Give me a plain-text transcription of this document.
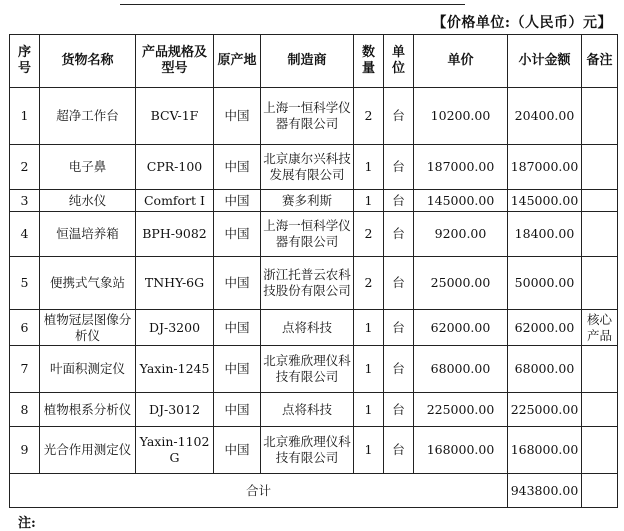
【价格单位:（人民币）元】
序号	货物名称	产品规格及型号	原产地	制造商	数量	单位	单价	小计金额	备注
1	超净工作台	BCV-1F	中国	上海一恒科学仪器有限公司	2	台	10200.00	20400.00	
2	电子鼻	CPR-100	中国	北京康尔兴科技发展有限公司	1	台	187000.00	187000.00	
3	纯水仪	Comfort I	中国	赛多利斯	1	台	145000.00	145000.00	
4	恒温培养箱	BPH-9082	中国	上海一恒科学仪器有限公司	2	台	9200.00	18400.00	
5	便携式气象站	TNHY-6G	中国	浙江托普云农科技股份有限公司	2	台	25000.00	50000.00	
6	植物冠层图像分析仪	DJ-3200	中国	点将科技	1	台	62000.00	62000.00	核心产品
7	叶面积测定仪	Yaxin-1245	中国	北京雅欣理仪科技有限公司	1	台	68000.00	68000.00	
8	植物根系分析仪	DJ-3012	中国	点将科技	1	台	225000.00	225000.00	
9	光合作用测定仪	Yaxin-1102G	中国	北京雅欣理仪科技有限公司	1	台	168000.00	168000.00	
合计								943800.00	
注:
